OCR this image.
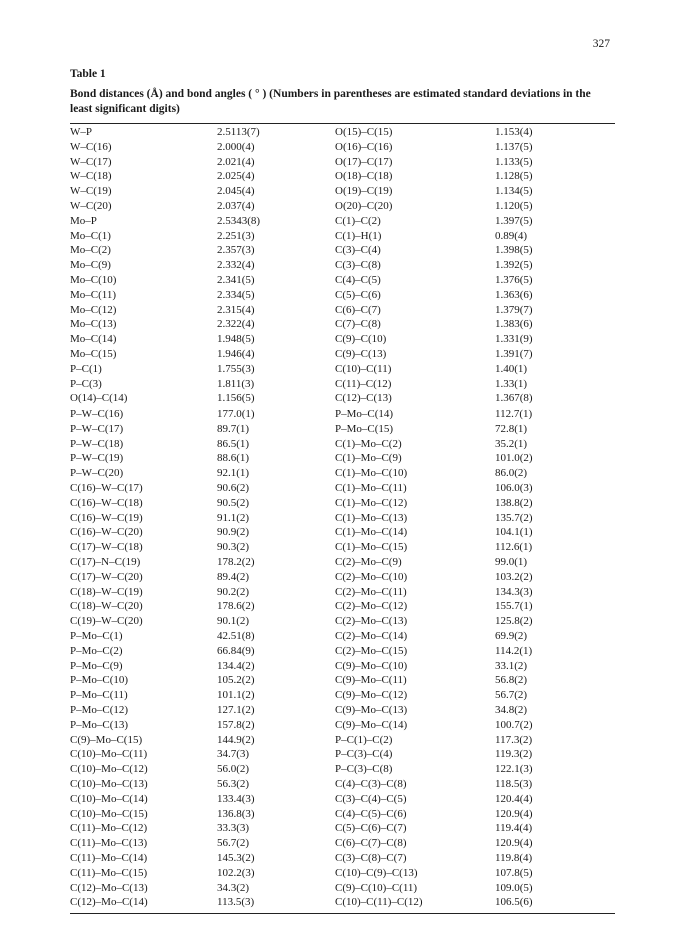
327
Table 1
Bond distances (Å) and bond angles ( ° ) (Numbers in parentheses are estimated standard deviations in the least significant digits)
W–P	2.5113(7)	O(15)–C(15)	1.153(4)
W–C(16)	2.000(4)	O(16)–C(16)	1.137(5)
W–C(17)	2.021(4)	O(17)–C(17)	1.133(5)
W–C(18)	2.025(4)	O(18)–C(18)	1.128(5)
W–C(19)	2.045(4)	O(19)–C(19)	1.134(5)
W–C(20)	2.037(4)	O(20)–C(20)	1.120(5)
Mo–P	2.5343(8)	C(1)–C(2)	1.397(5)
Mo–C(1)	2.251(3)	C(1)–H(1)	0.89(4)
Mo–C(2)	2.357(3)	C(3)–C(4)	1.398(5)
Mo–C(9)	2.332(4)	C(3)–C(8)	1.392(5)
Mo–C(10)	2.341(5)	C(4)–C(5)	1.376(5)
Mo–C(11)	2.334(5)	C(5)–C(6)	1.363(6)
Mo–C(12)	2.315(4)	C(6)–C(7)	1.379(7)
Mo–C(13)	2.322(4)	C(7)–C(8)	1.383(6)
Mo–C(14)	1.948(5)	C(9)–C(10)	1.331(9)
Mo–C(15)	1.946(4)	C(9)–C(13)	1.391(7)
P–C(1)	1.755(3)	C(10)–C(11)	1.40(1)
P–C(3)	1.811(3)	C(11)–C(12)	1.33(1)
O(14)–C(14)	1.156(5)	C(12)–C(13)	1.367(8)
P–W–C(16)	177.0(1)	P–Mo–C(14)	112.7(1)
P–W–C(17)	89.7(1)	P–Mo–C(15)	72.8(1)
P–W–C(18)	86.5(1)	C(1)–Mo–C(2)	35.2(1)
P–W–C(19)	88.6(1)	C(1)–Mo–C(9)	101.0(2)
P–W–C(20)	92.1(1)	C(1)–Mo–C(10)	86.0(2)
C(16)–W–C(17)	90.6(2)	C(1)–Mo–C(11)	106.0(3)
C(16)–W–C(18)	90.5(2)	C(1)–Mo–C(12)	138.8(2)
C(16)–W–C(19)	91.1(2)	C(1)–Mo–C(13)	135.7(2)
C(16)–W–C(20)	90.9(2)	C(1)–Mo–C(14)	104.1(1)
C(17)–W–C(18)	90.3(2)	C(1)–Mo–C(15)	112.6(1)
C(17)–N–C(19)	178.2(2)	C(2)–Mo–C(9)	99.0(1)
C(17)–W–C(20)	89.4(2)	C(2)–Mo–C(10)	103.2(2)
C(18)–W–C(19)	90.2(2)	C(2)–Mo–C(11)	134.3(3)
C(18)–W–C(20)	178.6(2)	C(2)–Mo–C(12)	155.7(1)
C(19)–W–C(20)	90.1(2)	C(2)–Mo–C(13)	125.8(2)
P–Mo–C(1)	42.51(8)	C(2)–Mo–C(14)	69.9(2)
P–Mo–C(2)	66.84(9)	C(2)–Mo–C(15)	114.2(1)
P–Mo–C(9)	134.4(2)	C(9)–Mo–C(10)	33.1(2)
P–Mo–C(10)	105.2(2)	C(9)–Mo–C(11)	56.8(2)
P–Mo–C(11)	101.1(2)	C(9)–Mo–C(12)	56.7(2)
P–Mo–C(12)	127.1(2)	C(9)–Mo–C(13)	34.8(2)
P–Mo–C(13)	157.8(2)	C(9)–Mo–C(14)	100.7(2)
C(9)–Mo–C(15)	144.9(2)	P–C(1)–C(2)	117.3(2)
C(10)–Mo–C(11)	34.7(3)	P–C(3)–C(4)	119.3(2)
C(10)–Mo–C(12)	56.0(2)	P–C(3)–C(8)	122.1(3)
C(10)–Mo–C(13)	56.3(2)	C(4)–C(3)–C(8)	118.5(3)
C(10)–Mo–C(14)	133.4(3)	C(3)–C(4)–C(5)	120.4(4)
C(10)–Mo–C(15)	136.8(3)	C(4)–C(5)–C(6)	120.9(4)
C(11)–Mo–C(12)	33.3(3)	C(5)–C(6)–C(7)	119.4(4)
C(11)–Mo–C(13)	56.7(2)	C(6)–C(7)–C(8)	120.9(4)
C(11)–Mo–C(14)	145.3(2)	C(3)–C(8)–C(7)	119.8(4)
C(11)–Mo–C(15)	102.2(3)	C(10)–C(9)–C(13)	107.8(5)
C(12)–Mo–C(13)	34.3(2)	C(9)–C(10)–C(11)	109.0(5)
C(12)–Mo–C(14)	113.5(3)	C(10)–C(11)–C(12)	106.5(6)
